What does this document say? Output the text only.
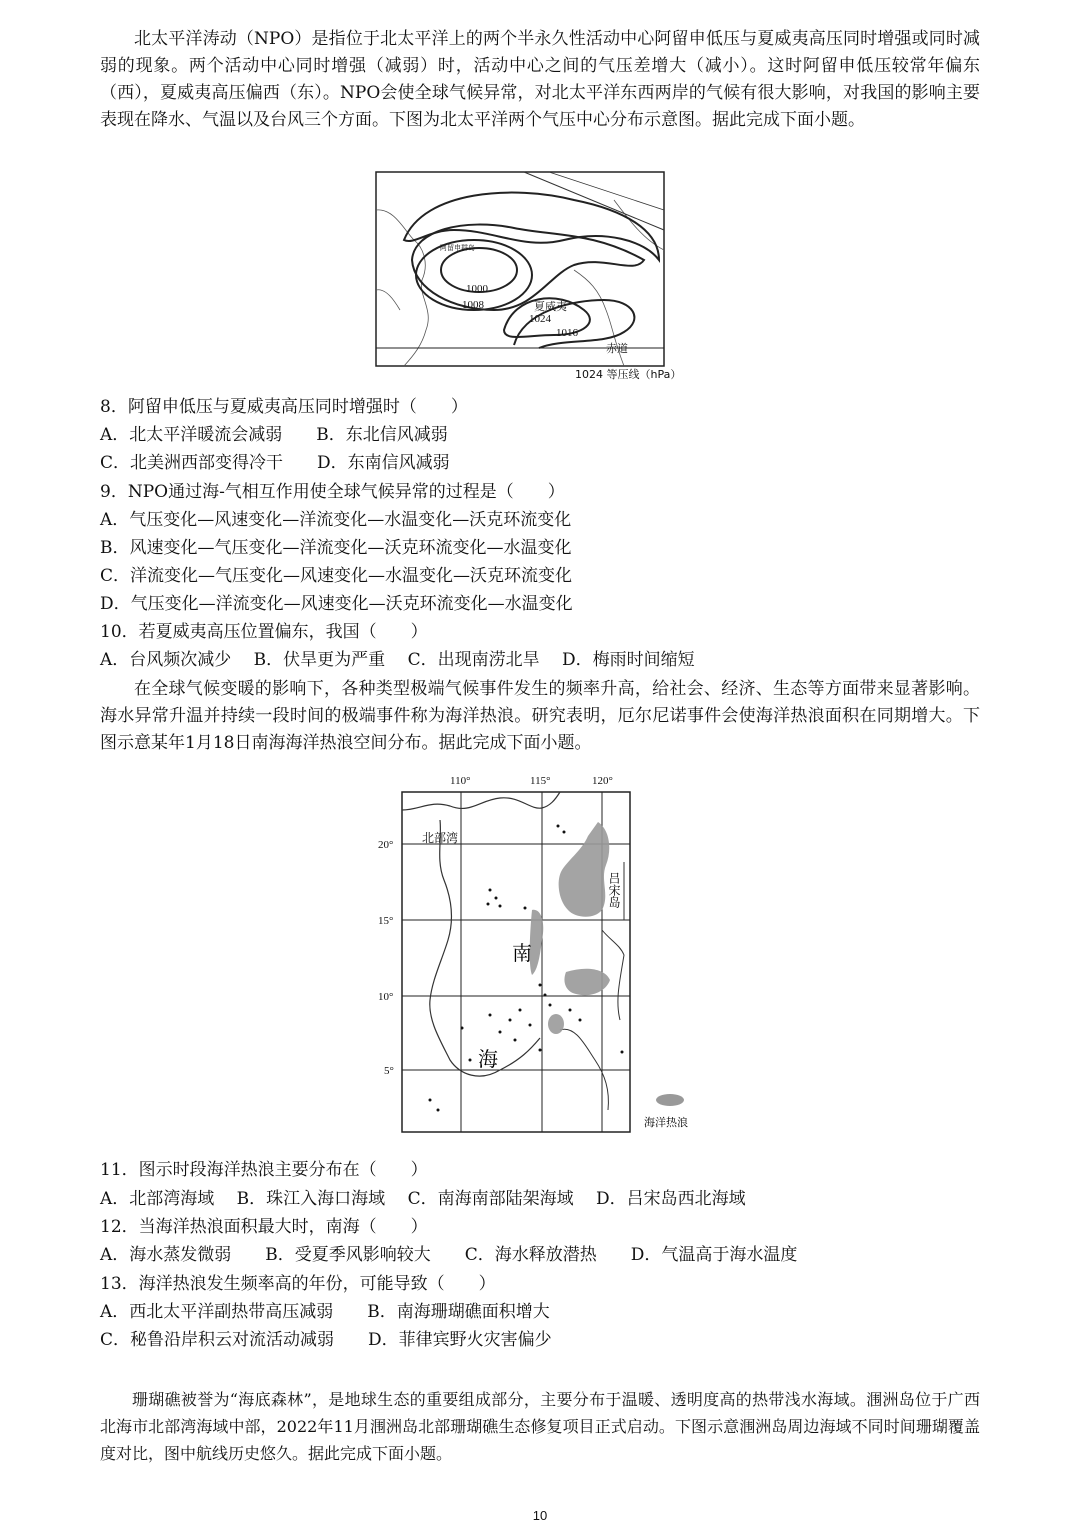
北太平洋涛动（NPO）是指位于北太平洋上的两个半永久性活动中心阿留申低压与夏威夷高压同时增强或同时减弱的现象。两个活动中心同时增强（减弱）时，活动中心之间的气压差增大（减小）。这时阿留申低压较常年偏东（西），夏威夷高压偏西（东）。NPO会使全球气候异常，对北太平洋东西两岸的气候有很大影响，对我国的影响主要表现在降水、气温以及台风三个方面。下图为北太平洋两个气压中心分布示意图。据此完成下面小题。

1000
1008	夏威夷
1024
1016
赤道
阿留申群岛
1024 等压线（hPa）

8．阿留申低压与夏威夷高压同时增强时（　　）

A．北太平洋暖流会减弱　　B．东北信风减弱

C．北美洲西部变得冷干　　D．东南信风减弱

9．NPO通过海-气相互作用使全球气候异常的过程是（　　）

A．气压变化—风速变化—洋流变化—水温变化—沃克环流变化

B．风速变化—气压变化—洋流变化—沃克环流变化—水温变化

C．洋流变化—气压变化—风速变化—水温变化—沃克环流变化

D．气压变化—洋流变化—风速变化—沃克环流变化—水温变化

10．若夏威夷高压位置偏东，我国（　　）

A．台风频次减少　 B．伏旱更为严重　 C．出现南涝北旱　 D．梅雨时间缩短

在全球气候变暖的影响下，各种类型极端气候事件发生的频率升高，给社会、经济、生态等方面带来显著影响。海水异常升温并持续一段时间的极端事件称为海洋热浪。研究表明，厄尔尼诺事件会使海洋热浪面积在同期增大。下图示意某年1月18日南海海洋热浪空间分布。据此完成下面小题。

110°	115°	120°
20°
15°
10°
5°
北部湾
吕宋岛
南
海
海洋热浪

11．图示时段海洋热浪主要分布在（　　）

A．北部湾海域　 B．珠江入海口海域　 C．南海南部陆架海域　 D．吕宋岛西北海域

12．当海洋热浪面积最大时，南海（　　）

A．海水蒸发微弱　　B．受夏季风影响较大　　C．海水释放潜热　　D．气温高于海水温度

13．海洋热浪发生频率高的年份，可能导致（　　）

A．西北太平洋副热带高压减弱　　B．南海珊瑚礁面积增大

C．秘鲁沿岸积云对流活动减弱　　D．菲律宾野火灾害偏少

珊瑚礁被誉为“海底森林”，是地球生态的重要组成部分，主要分布于温暖、透明度高的热带浅水海域。涠洲岛位于广西北海市北部湾海域中部，2022年11月涠洲岛北部珊瑚礁生态修复项目正式启动。下图示意涠洲岛周边海域不同时间珊瑚覆盖度对比，图中航线历史悠久。据此完成下面小题。

10
